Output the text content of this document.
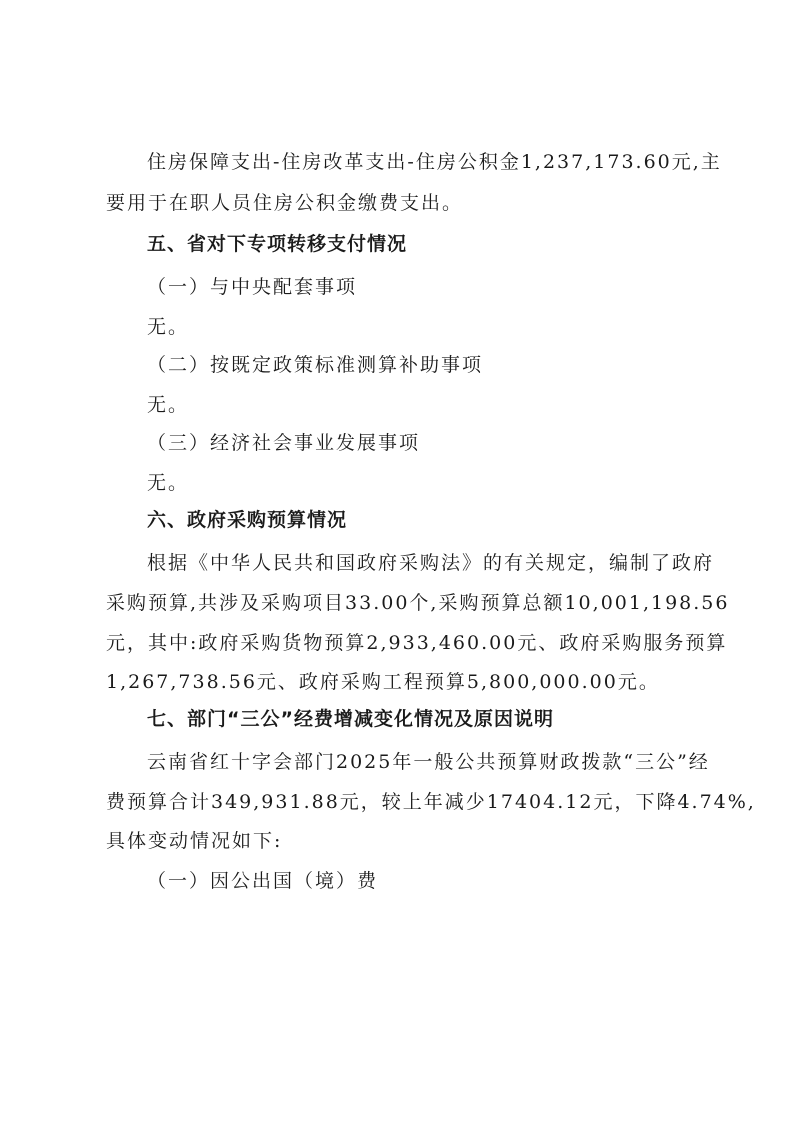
住房保障支出-住房改革支出-住房公积金1,237,173.60元,主
要用于在职人员住房公积金缴费支出。
五、省对下专项转移支付情况
（一）与中央配套事项
无。
（二）按既定政策标准测算补助事项
无。
（三）经济社会事业发展事项
无。
六、政府采购预算情况
根据《中华人民共和国政府采购法》的有关规定，编制了政府
采购预算,共涉及采购项目33.00个,采购预算总额10,001,198.56
元，其中:政府采购货物预算2,933,460.00元、政府采购服务预算
1,267,738.56元、政府采购工程预算5,800,000.00元。
七、部门“三公”经费增减变化情况及原因说明
云南省红十字会部门2025年一般公共预算财政拨款“三公”经
费预算合计349,931.88元，较上年减少17404.12元，下降4.74%,
具体变动情况如下:
（一）因公出国（境）费
